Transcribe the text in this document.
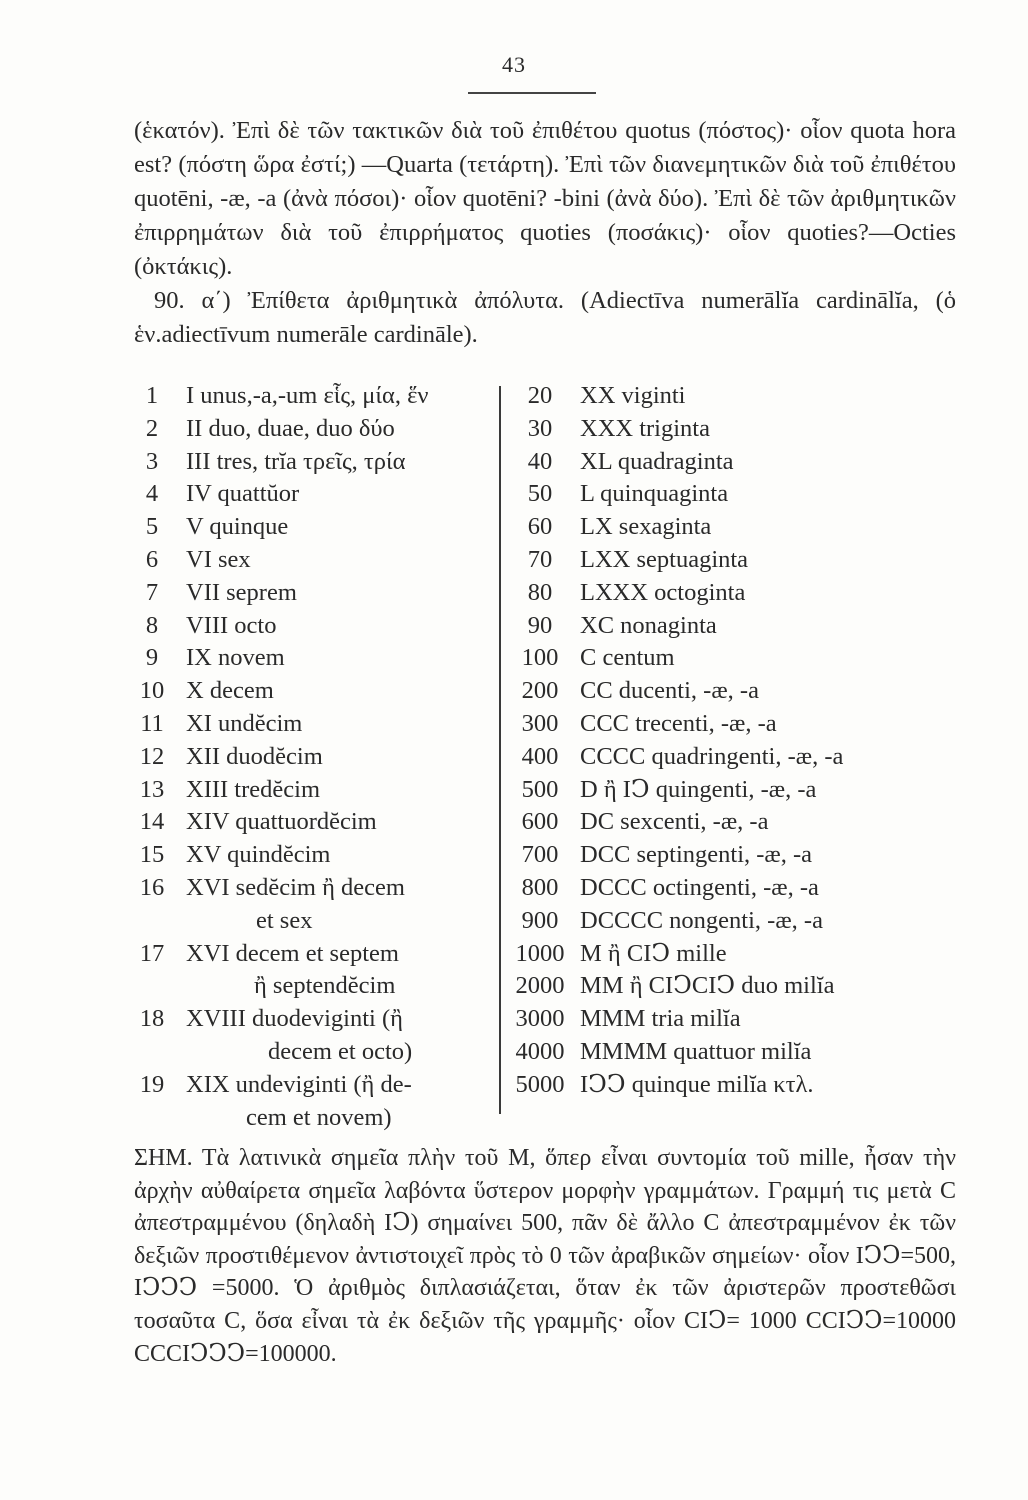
43

(ἑκατόν). Ἐπὶ δὲ τῶν τακτικῶν διὰ τοῦ ἐπιθέτου quotus (πόστος)· οἷον quota hora est? (πόστη ὥρα ἐστί;) —Quarta (τετάρτη). Ἐπὶ τῶν διανεμητικῶν διὰ τοῦ ἐπιθέτου quotēni, -æ, -a (ἀνὰ πόσοι)· οἷον quotēni? -bini (ἀνὰ δύο). Ἐπὶ δὲ τῶν ἀριθμητικῶν ἐπιρρημάτων διὰ τοῦ ἐπιρρήματος quoties (ποσάκις)· οἷον quoties?—Octies (ὀκτάκις).

90. α΄) Ἐπίθετα ἀριθμητικὰ ἀπόλυτα. (Adiectīva numerālĭa cardinālĭa, (ὁ ἑν.adiectīvum numerāle cardināle).

1	I unus,-a,-um εἷς, μία, ἕν
2	II duo, duae, duo δύο
3	III tres, trĭa τρεῖς, τρία
4	IV quattŭor
5	V quinque
6	VI sex
7	VII seprem
8	VIII octo
9	IX novem
10 X decem
11 XI undĕcim
12 XII duodĕcim
13 XIII tredĕcim
14 XIV quattuordĕcim
15 XV quindĕcim
16 XVI sedĕcim ἢ decem
et sex
17 XVI decem et septem
ἢ septendĕcim
18 XVIII duodeviginti (ἢ
decem et octo)
19 XIX undeviginti (ἢ de-
cem et novem)
20	XX viginti
30	XXX triginta
40	XL quadraginta
50	L quinquaginta
60	LX sexaginta
70	LXX septuaginta
80	LXXX octoginta
90	XC nonaginta
100 C centum
200 CC ducenti, -æ, -a
300 CCC trecenti, -æ, -a
400 CCCC quadringenti, -æ, -a
500 D ἢ IↃ quingenti, -æ, -a
600 DC sexcenti, -æ, -a
700 DCC septingenti, -æ, -a
800 DCCC octingenti, -æ, -a
900 DCCCC nongenti, -æ, -a
1000 M ἢ CIↃ mille
2000 MM ἢ CIↃCIↃ duo milĭa
3000 MMM tria milĭa
4000 MMMM quattuor milĭa
5000 IↃↃ quinque milĭa κτλ.

ΣΗΜ. Τὰ λατινικὰ σημεῖα πλὴν τοῦ M, ὅπερ εἶναι συντομία τοῦ mille, ἦσαν τὴν ἀρχὴν αὐθαίρετα σημεῖα λαβόντα ὕστερον μορφὴν γραμμάτων. Γραμμή τις μετὰ C ἀπεστραμμένου (δηλαδὴ IↃ) σημαίνει 500, πᾶν δὲ ἄλλο C ἀπεστραμμένον ἐκ τῶν δεξιῶν προστιθέμενον ἀντιστοιχεῖ πρὸς τὸ 0 τῶν ἀραβικῶν σημείων· οἷον IↃↃ=500, IↃↃↃ =5000. Ὁ ἀριθμὸς διπλασιάζεται, ὅταν ἐκ τῶν ἀριστερῶν προστεθῶσι τοσαῦτα C, ὅσα εἶναι τὰ ἐκ δεξιῶν τῆς γραμμῆς· οἷον CIↃ= 1000 CCIↃↃ=10000 CCCIↃↃↃ=100000.
